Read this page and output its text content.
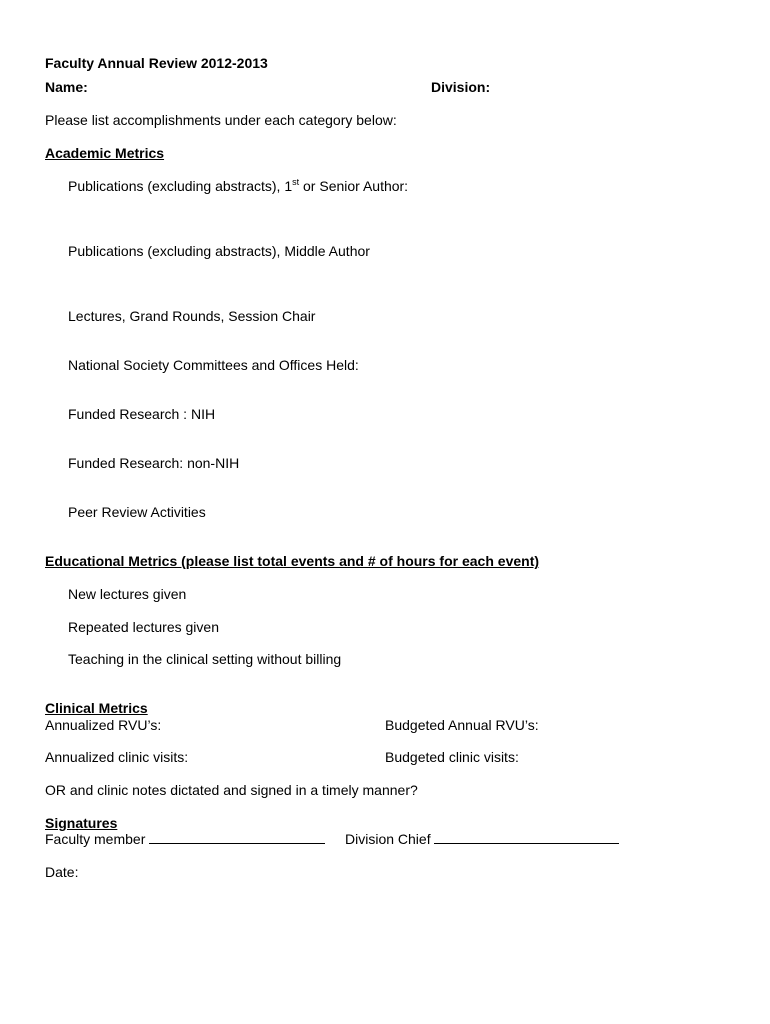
Faculty Annual Review 2012-2013
Name:	Division:
Please list accomplishments under each category below:
Academic Metrics
Publications (excluding abstracts), 1st or Senior Author:
Publications (excluding abstracts), Middle Author
Lectures, Grand Rounds, Session Chair
National Society Committees and Offices Held:
Funded Research : NIH
Funded Research: non-NIH
Peer Review Activities
Educational Metrics (please list total events and # of hours for each event)
New lectures given
Repeated lectures given
Teaching in the clinical setting without billing
Clinical Metrics
Annualized RVU’s:	Budgeted Annual RVU’s:
Annualized clinic visits:	Budgeted clinic visits:
OR and clinic notes dictated and signed in a timely manner?
Signatures
Faculty member	Division Chief
Date:
